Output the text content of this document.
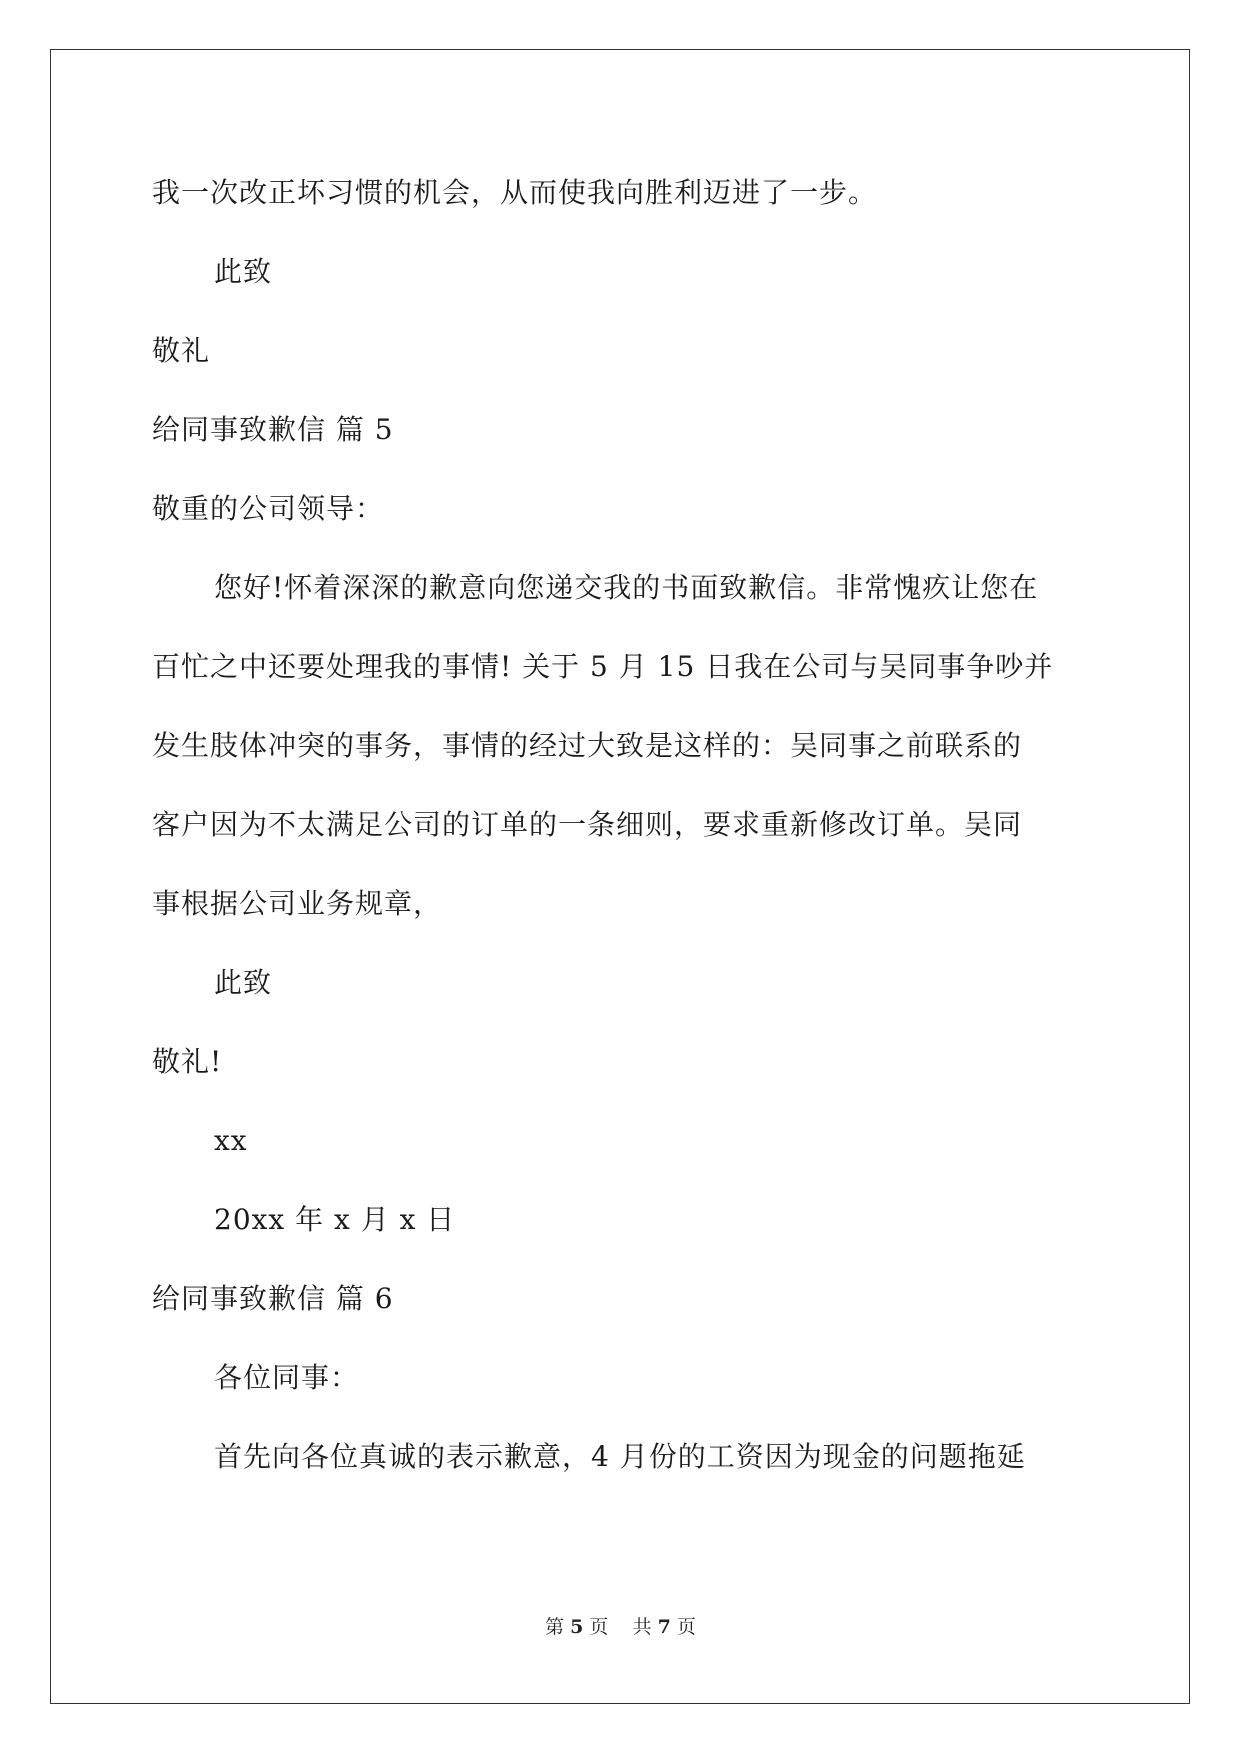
我一次改正坏习惯的机会，从而使我向胜利迈进了一步。
此致
敬礼
给同事致歉信 篇 5
敬重的公司领导：
您好!怀着深深的歉意向您递交我的书面致歉信。非常愧疚让您在
百忙之中还要处理我的事情! 关于 5 月 15 日我在公司与吴同事争吵并
发生肢体冲突的事务，事情的经过大致是这样的：吴同事之前联系的
客户因为不太满足公司的订单的一条细则，要求重新修改订单。吴同
事根据公司业务规章，
此致
敬礼!
xx
20xx 年 x 月 x 日
给同事致歉信 篇 6
各位同事：
首先向各位真诚的表示歉意，4 月份的工资因为现金的问题拖延
第 5 页 共 7 页
